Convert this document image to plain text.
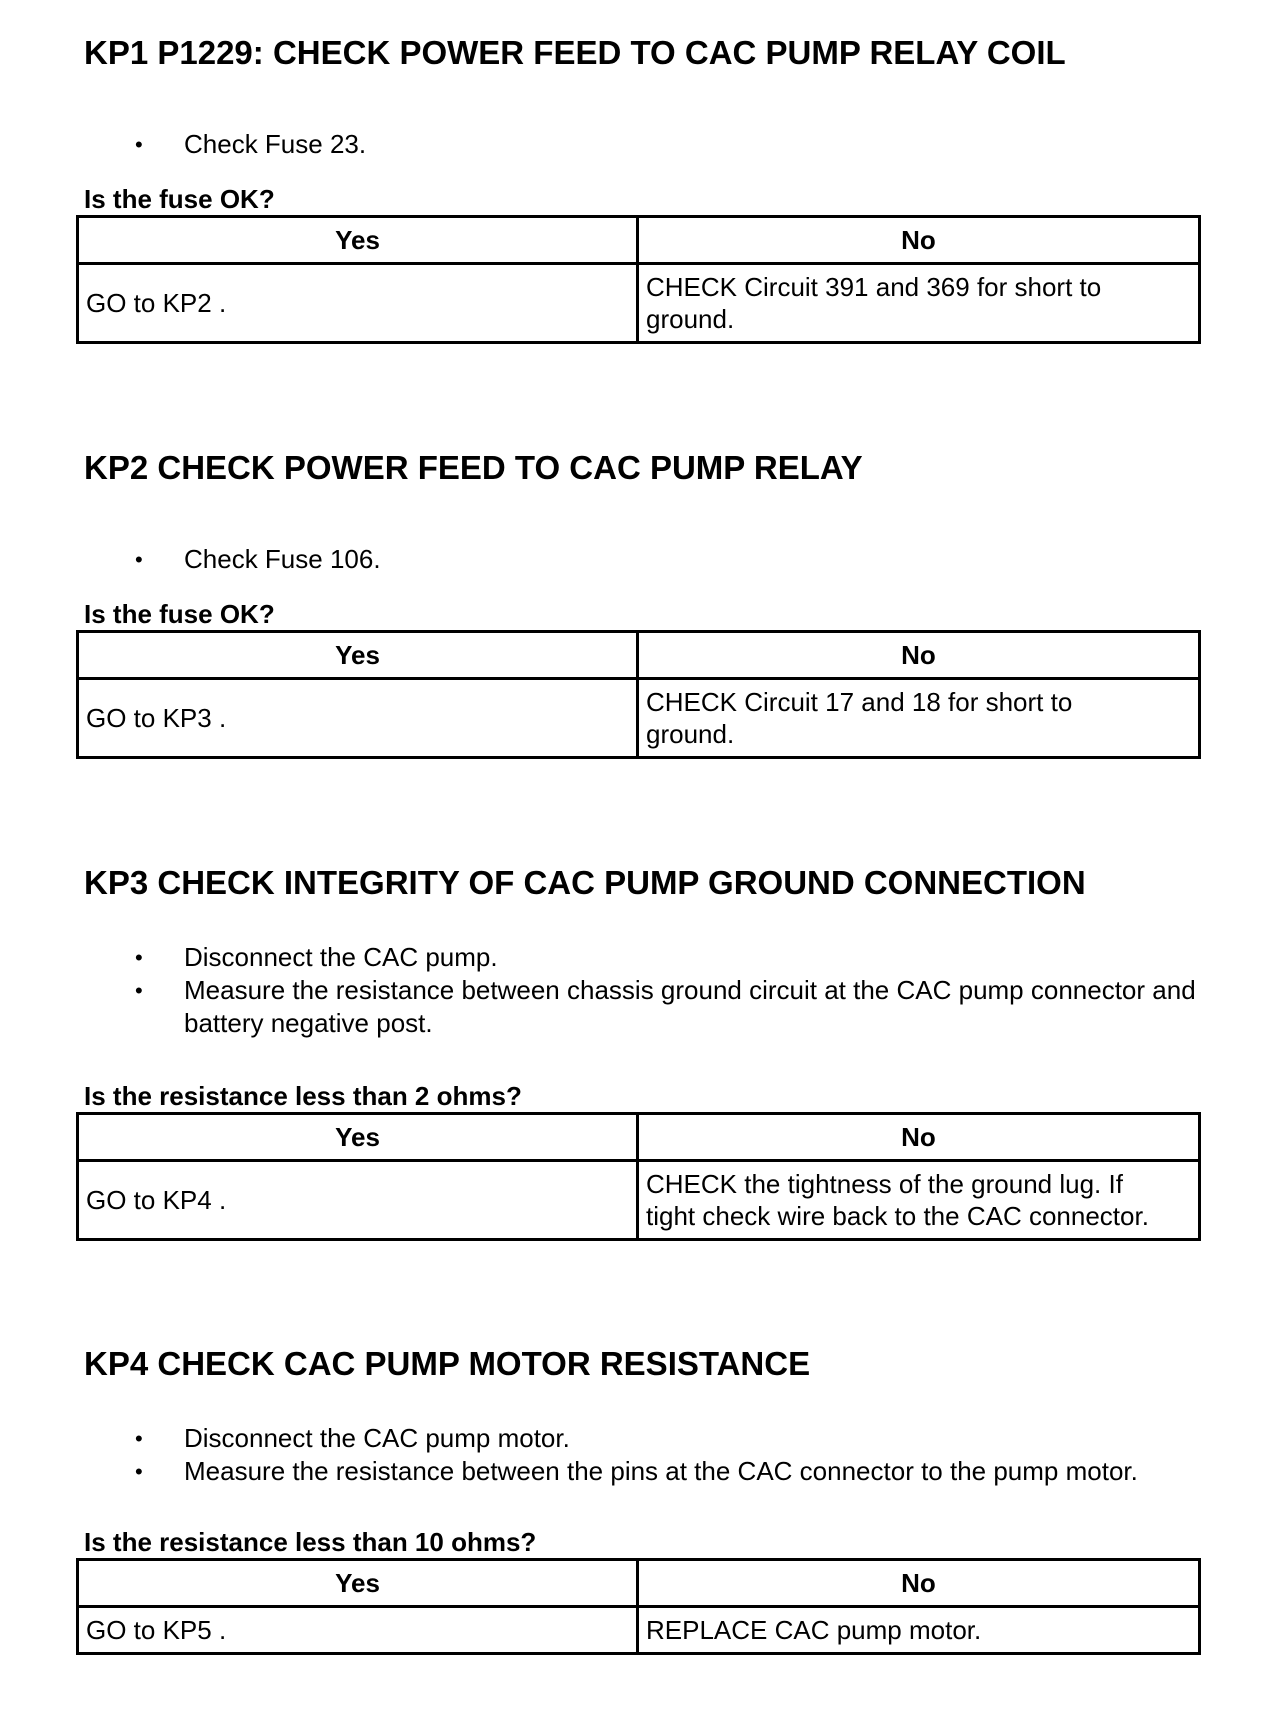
KP1 P1229: CHECK POWER FEED TO CAC PUMP RELAY COIL
• Check Fuse 23.

Is the fuse OK?

Yes	No
GO to KP2 .	CHECK Circuit 391 and 369 for short to
ground.
KP2 CHECK POWER FEED TO CAC PUMP RELAY
• Check Fuse 106.

Is the fuse OK?

Yes	No
GO to KP3 .	CHECK Circuit 17 and 18 for short to
ground.
KP3 CHECK INTEGRITY OF CAC PUMP GROUND CONNECTION
• Disconnect the CAC pump.
• Measure the resistance between chassis ground circuit at the CAC pump connector and
battery negative post.

Is the resistance less than 2 ohms?

Yes	No
GO to KP4 .	CHECK the tightness of the ground lug. If
tight check wire back to the CAC connector.
KP4 CHECK CAC PUMP MOTOR RESISTANCE
• Disconnect the CAC pump motor.
• Measure the resistance between the pins at the CAC connector to the pump motor.

Is the resistance less than 10 ohms?

Yes	No
GO to KP5 .	REPLACE CAC pump motor.
